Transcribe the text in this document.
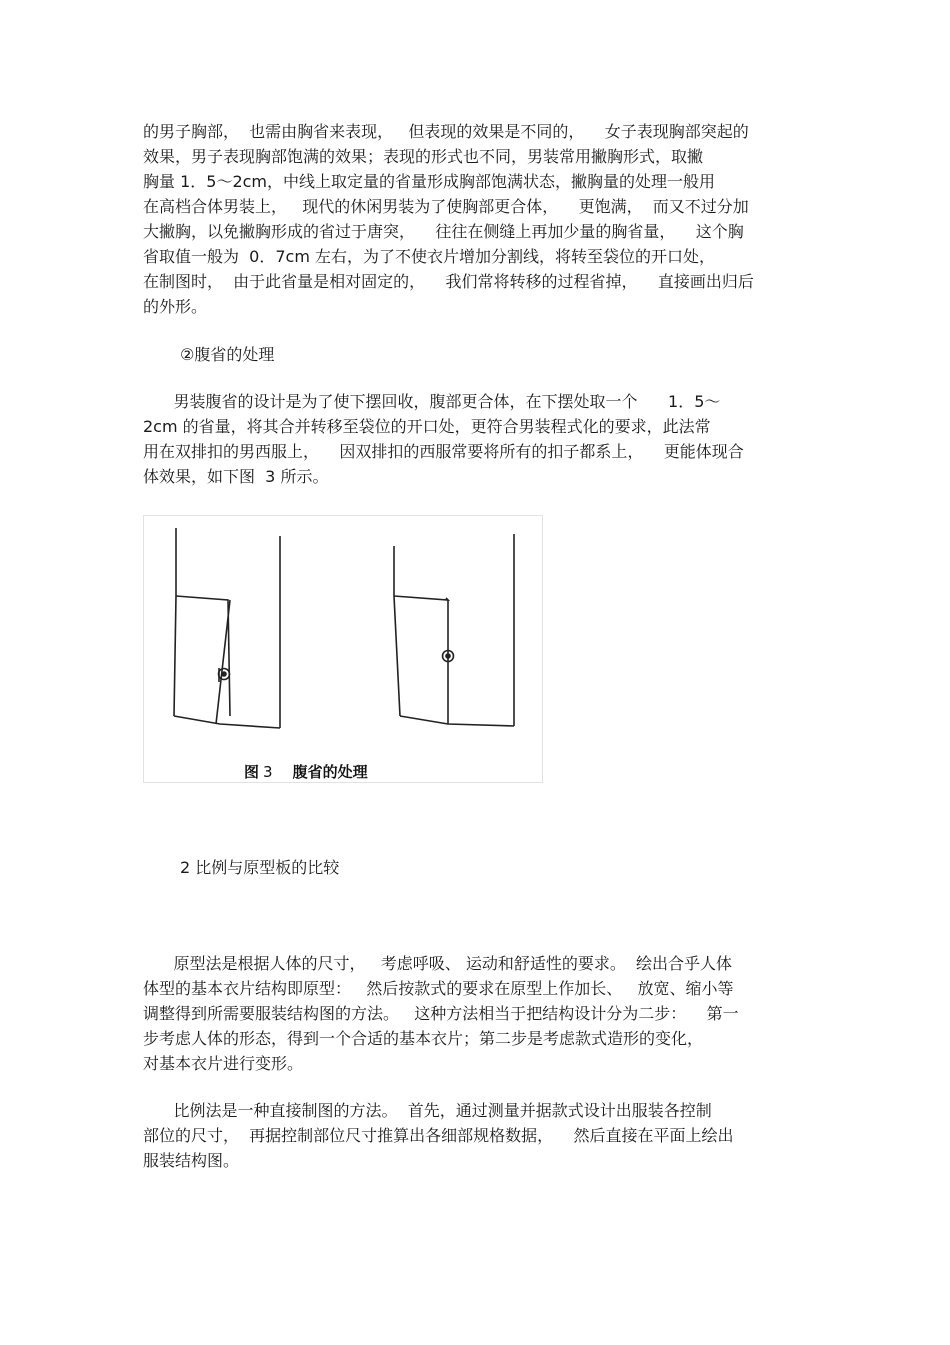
的男子胸部，  也需由胸省来表现，   但表现的效果是不同的，    女子表现胸部突起的
效果，男子表现胸部饱满的效果；表现的形式也不同，男装常用撇胸形式，取撇
胸量 1．5～2cm，中线上取定量的省量形成胸部饱满状态，撇胸量的处理一般用
在高档合体男装上，   现代的休闲男装为了使胸部更合体，    更饱满，  而又不过分加
大撇胸，以免撇胸形成的省过于唐突，    往往在侧缝上再加少量的胸省量，    这个胸
省取值一般为  0．7cm 左右，为了不使衣片增加分割线，将转至袋位的开口处，
在制图时，  由于此省量是相对固定的，    我们常将转移的过程省掉，    直接画出归后
的外形。
②腹省的处理
男装腹省的设计是为了使下摆回收，腹部更合体，在下摆处取一个      1．5～
2cm 的省量，将其合并转移至袋位的开口处，更符合男装程式化的要求，此法常
用在双排扣的男西服上，    因双排扣的西服常要将所有的扣子都系上，    更能体现合
体效果，如下图  3 所示。
图 3 腹省的处理
2 比例与原型板的比较
原型法是根据人体的尺寸，   考虑呼吸、 运动和舒适性的要求。  绘出合乎人体
体型的基本衣片结构即原型：   然后按款式的要求在原型上作加长、   放宽、缩小等
调整得到所需要服装结构图的方法。   这种方法相当于把结构设计分为二步：    第一
步考虑人体的形态，得到一个合适的基本衣片；第二步是考虑款式造形的变化，
对基本衣片进行变形。
比例法是一种直接制图的方法。  首先，通过测量并据款式设计出服装各控制
部位的尺寸，  再据控制部位尺寸推算出各细部规格数据，    然后直接在平面上绘出
服装结构图。
